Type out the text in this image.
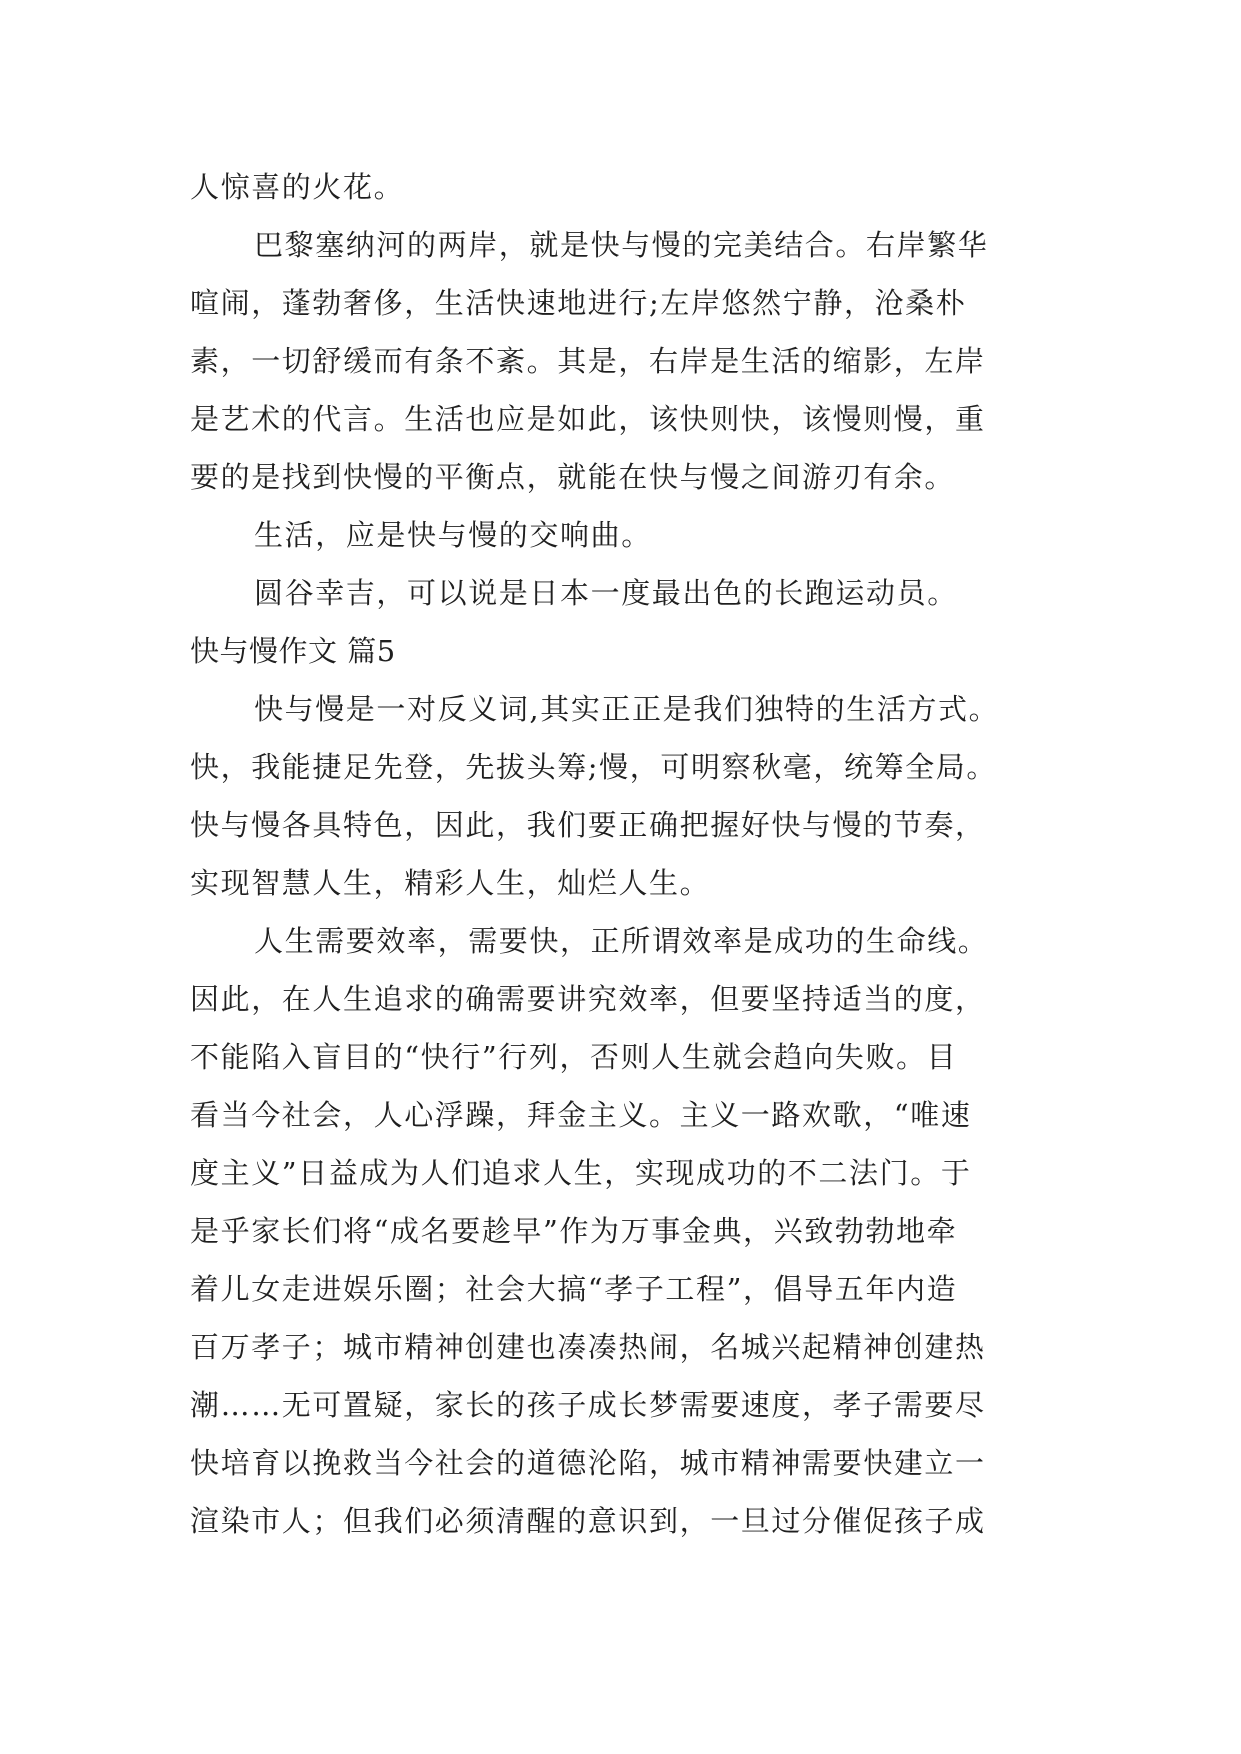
人惊喜的火花。
巴黎塞纳河的两岸，就是快与慢的完美结合。右岸繁华
喧闹，蓬勃奢侈，生活快速地进行;左岸悠然宁静，沧桑朴
素，一切舒缓而有条不紊。其是，右岸是生活的缩影，左岸
是艺术的代言。生活也应是如此，该快则快，该慢则慢，重
要的是找到快慢的平衡点，就能在快与慢之间游刃有余。
生活，应是快与慢的交响曲。
圆谷幸吉，可以说是日本一度最出色的长跑运动员。
快与慢作文 篇5
快与慢是一对反义词,其实正正是我们独特的生活方式。
快，我能捷足先登，先拔头筹;慢，可明察秋毫，统筹全局。
快与慢各具特色，因此，我们要正确把握好快与慢的节奏，
实现智慧人生，精彩人生，灿烂人生。
人生需要效率，需要快，正所谓效率是成功的生命线。
因此，在人生追求的确需要讲究效率，但要坚持适当的度，
不能陷入盲目的“快行”行列，否则人生就会趋向失败。目
看当今社会，人心浮躁，拜金主义。主义一路欢歌，“唯速
度主义”日益成为人们追求人生，实现成功的不二法门。于
是乎家长们将“成名要趁早”作为万事金典，兴致勃勃地牵
着儿女走进娱乐圈；社会大搞“孝子工程”，倡导五年内造
百万孝子；城市精神创建也凑凑热闹，名城兴起精神创建热
潮……无可置疑，家长的孩子成长梦需要速度，孝子需要尽
快培育以挽救当今社会的道德沦陷，城市精神需要快建立一
渲染市人；但我们必须清醒的意识到，一旦过分催促孩子成
